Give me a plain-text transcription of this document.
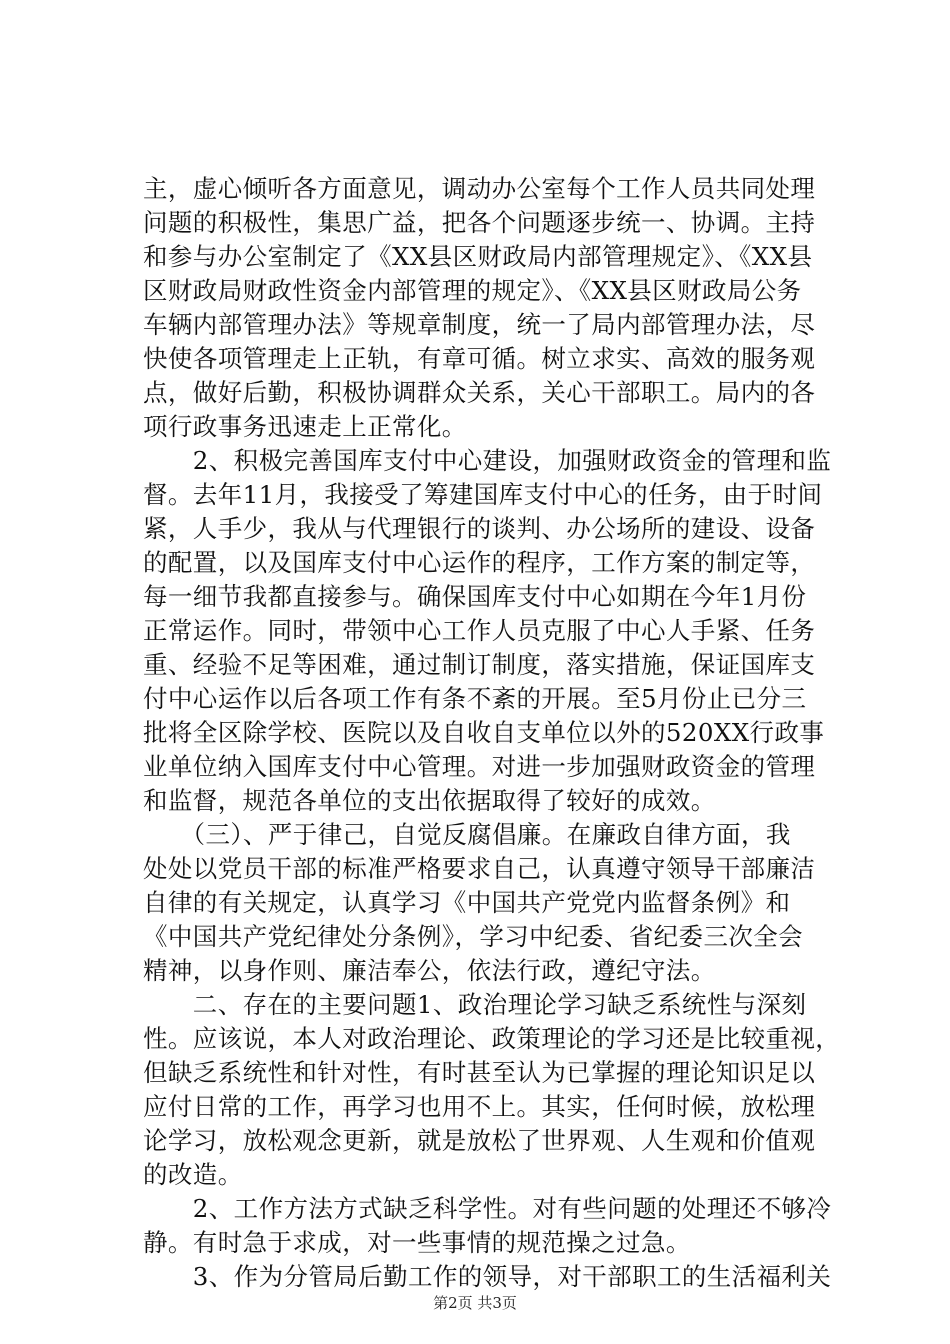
主，虚心倾听各方面意见，调动办公室每个工作人员共同处理
问题的积极性，集思广益，把各个问题逐步统一、协调。主持
和参与办公室制定了《XX县区财政局内部管理规定》、《XX县
区财政局财政性资金内部管理的规定》、《XX县区财政局公务
车辆内部管理办法》等规章制度，统一了局内部管理办法，尽
快使各项管理走上正轨，有章可循。树立求实、高效的服务观
点，做好后勤，积极协调群众关系，关心干部职工。局内的各
项行政事务迅速走上正常化。
　　2、积极完善国库支付中心建设，加强财政资金的管理和监
督。去年11月，我接受了筹建国库支付中心的任务，由于时间
紧，人手少，我从与代理银行的谈判、办公场所的建设、设备
的配置，以及国库支付中心运作的程序，工作方案的制定等，
每一细节我都直接参与。确保国库支付中心如期在今年1月份
正常运作。同时，带领中心工作人员克服了中心人手紧、任务
重、经验不足等困难，通过制订制度，落实措施，保证国库支
付中心运作以后各项工作有条不紊的开展。至5月份止已分三
批将全区除学校、医院以及自收自支单位以外的520XX行政事
业单位纳入国库支付中心管理。对进一步加强财政资金的管理
和监督，规范各单位的支出依据取得了较好的成效。
　　（三）、严于律己，自觉反腐倡廉。在廉政自律方面，我
处处以党员干部的标准严格要求自己，认真遵守领导干部廉洁
自律的有关规定，认真学习《中国共产党党内监督条例》和
《中国共产党纪律处分条例》，学习中纪委、省纪委三次全会
精神，以身作则、廉洁奉公，依法行政，遵纪守法。
　　二、存在的主要问题1、政治理论学习缺乏系统性与深刻
性。应该说，本人对政治理论、政策理论的学习还是比较重视，
但缺乏系统性和针对性，有时甚至认为已掌握的理论知识足以
应付日常的工作，再学习也用不上。其实，任何时候，放松理
论学习，放松观念更新，就是放松了世界观、人生观和价值观
的改造。
　　2、工作方法方式缺乏科学性。对有些问题的处理还不够冷
静。有时急于求成，对一些事情的规范操之过急。
　　3、作为分管局后勤工作的领导，对干部职工的生活福利关
第2页 共3页
